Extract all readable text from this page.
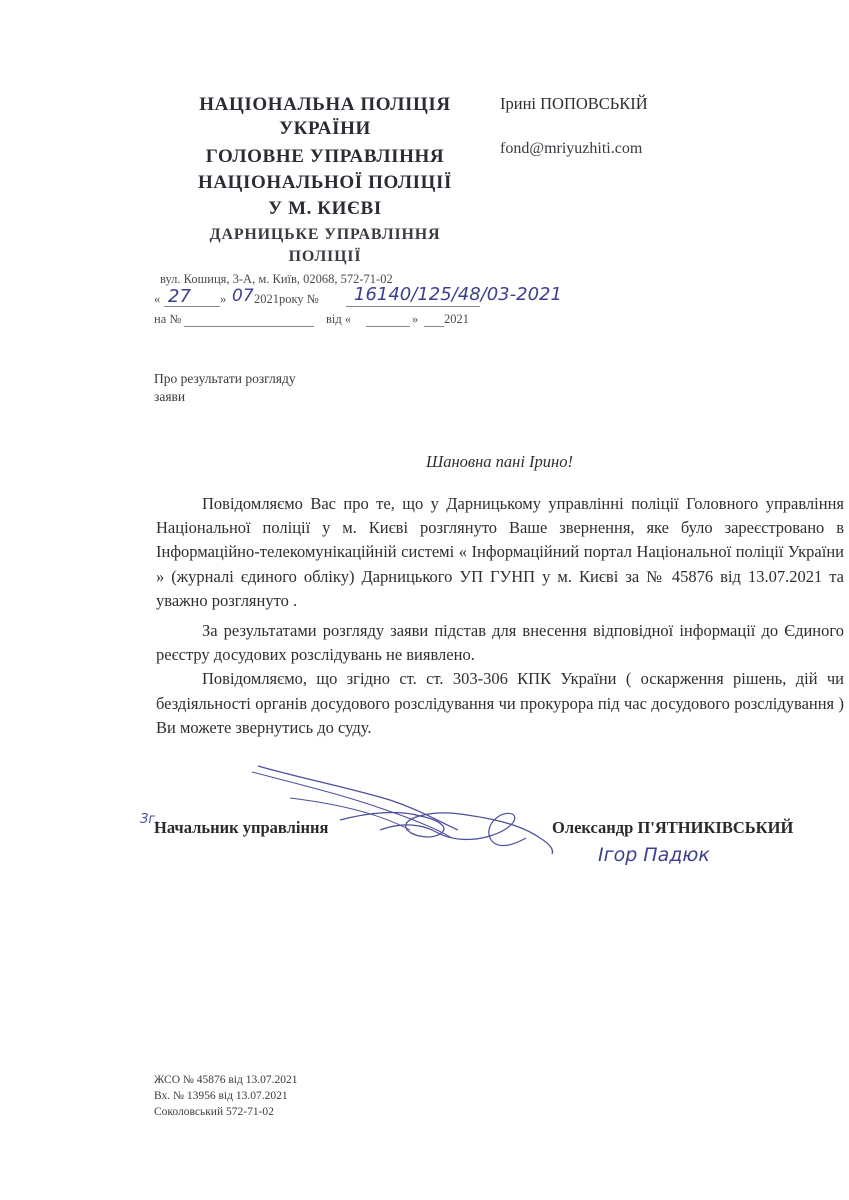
НАЦІОНАЛЬНА ПОЛІЦІЯ
УКРАЇНИ
ГОЛОВНЕ УПРАВЛІННЯ
НАЦІОНАЛЬНОЇ ПОЛІЦІЇ
У М. КИЄВІ
ДАРНИЦЬКЕ УПРАВЛІННЯ
ПОЛІЦІЇ
вул. Кошиця, 3-А, м. Київ, 02068, 572-71-02
« 27 » 07 2021року № 16140/125/48/03-2021
на №	від «	» 2021
Ірині ПОПОВСЬКІЙ
fond@mriyuzhiti.com
Про результати розгляду
заяви
Шановна пані Ірино!

Повідомляємо Вас про те, що у Дарницькому управлінні поліції Головного управління Національної поліції у м. Києві розглянуто Ваше звернення, яке було зареєстровано в Інформаційно-телекомунікаційній системі « Інформаційний портал Національної поліції України » (журналі єдиного обліку) Дарницького УП ГУНП у м. Києві за № 45876 від 13.07.2021 та уважно розглянуто .

За результатами розгляду заяви підстав для внесення відповідної інформації до Єдиного реєстру досудових розслідувань не виявлено.

Повідомляємо, що згідно ст. ст. 303-306 КПК України ( оскарження рішень, дій чи бездіяльності органів досудового розслідування чи прокурора під час досудового розслідування ) Ви можете звернутись до суду.

Зг.
Начальник управління	Олександр П'ЯТНИКІВСЬКИЙ
Ігор Падюк
ЖСО № 45876 від 13.07.2021
Вх. № 13956 від 13.07.2021
Соколовський 572-71-02
